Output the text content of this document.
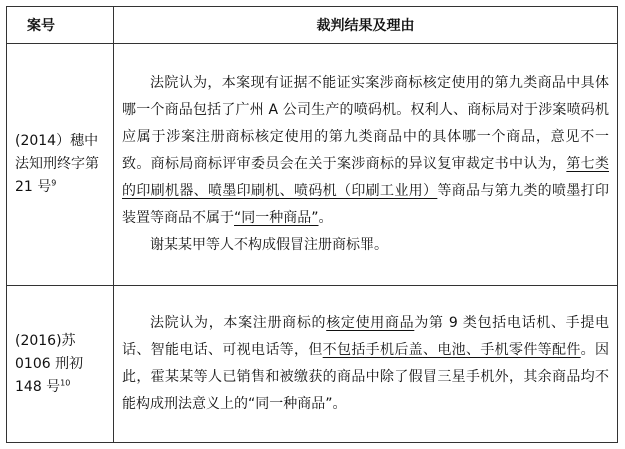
案号	裁判结果及理由
(2014）穗中法知刑终字第 21 号$^9$	法院认为，本案现有证据不能证实案涉商标核定使用的第九类商品中具体哪一个商品包括了广州 A 公司生产的喷码机。权利人、商标局对于涉案喷码机应属于涉案注册商标核定使用的第九类商品中的具体哪一个商品，意见不一致。商标局商标评审委员会在关于案涉商标的异议复审裁定书中认为，第七类的印刷机器、喷墨印刷机、喷码机（印刷工业用）等商品与第九类的喷墨打印装置等商品不属于“同一种商品”。

谢某某甲等人不构成假冒注册商标罪。

(2016)苏 0106 刑初 148 号$^{10}$	法院认为，本案注册商标的核定使用商品为第 9 类包括电话机、手提电话、智能电话、可视电话等，但不包括手机后盖、电池、手机零件等配件。因此，霍某某等人已销售和被缴获的商品中除了假冒三星手机外，其余商品均不能构成刑法意义上的“同一种商品”。
